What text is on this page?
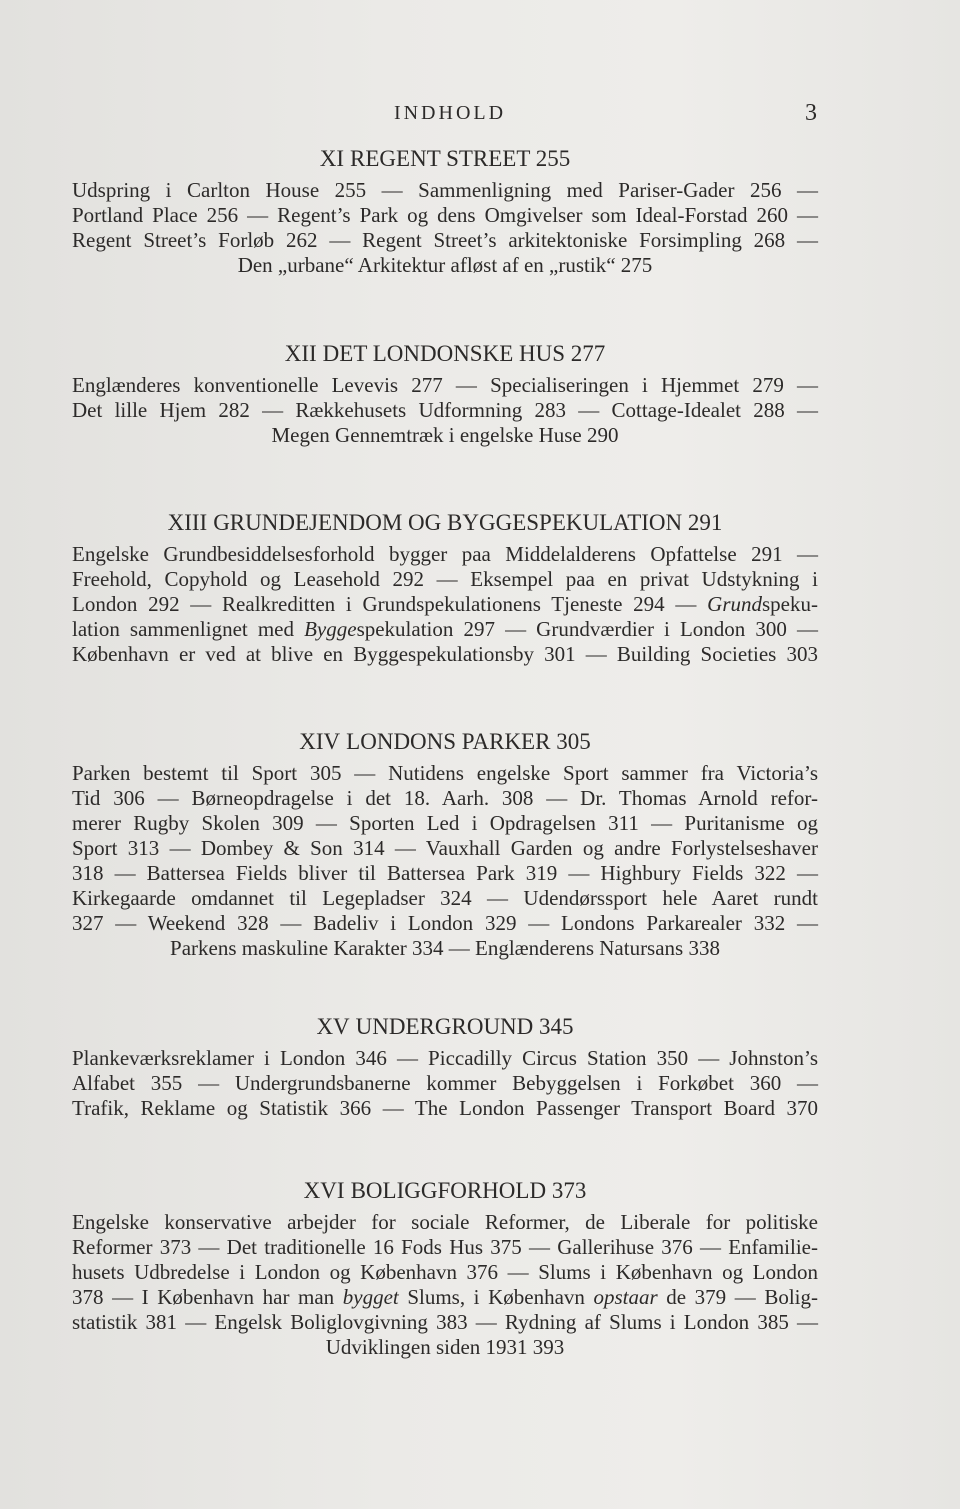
INDHOLD	3
XI REGENT STREET 255
Udspring i Carlton House 255 — Sammenligning med Pariser-Gader 256 —
Portland Place 256 — Regent’s Park og dens Omgivelser som Ideal-Forstad 260 —
Regent Street’s Forløb 262 — Regent Street’s arkitektoniske Forsimpling 268 —
Den „urbane“ Arkitektur afløst af en „rustik“ 275
XII DET LONDONSKE HUS 277
Englænderes konventionelle Levevis 277 — Specialiseringen i Hjemmet 279 —
Det lille Hjem 282 — Rækkehusets Udformning 283 — Cottage-Idealet 288 —
Megen Gennemtræk i engelske Huse 290
XIII GRUNDEJENDOM OG BYGGESPEKULATION 291
Engelske Grundbesiddelsesforhold bygger paa Middelalderens Opfattelse 291 —
Freehold, Copyhold og Leasehold 292 — Eksempel paa en privat Udstykning i
London 292 — Realkreditten i Grundspekulationens Tjeneste 294 — Grundspeku-
lation sammenlignet med Byggespekulation 297 — Grundværdier i London 300 —
København er ved at blive en Byggespekulationsby 301 — Building Societies 303
XIV LONDONS PARKER 305
Parken bestemt til Sport 305 — Nutidens engelske Sport sammer fra Victoria’s
Tid 306 — Børneopdragelse i det 18. Aarh. 308 — Dr. Thomas Arnold refor-
merer Rugby Skolen 309 — Sporten Led i Opdragelsen 311 — Puritanisme og
Sport 313 — Dombey & Son 314 — Vauxhall Garden og andre Forlystelseshaver
318 — Battersea Fields bliver til Battersea Park 319 — Highbury Fields 322 —
Kirkegaarde omdannet til Legepladser 324 — Udendørssport hele Aaret rundt
327 — Weekend 328 — Badeliv i London 329 — Londons Parkarealer 332 —
Parkens maskuline Karakter 334 — Englænderens Natursans 338
XV UNDERGROUND 345
Plankeværksreklamer i London 346 — Piccadilly Circus Station 350 — Johnston’s
Alfabet 355 — Undergrundsbanerne kommer Bebyggelsen i Forkøbet 360 —
Trafik, Reklame og Statistik 366 — The London Passenger Transport Board 370
XVI BOLIGGFORHOLD 373
Engelske konservative arbejder for sociale Reformer, de Liberale for politiske
Reformer 373 — Det traditionelle 16 Fods Hus 375 — Gallerihuse 376 — Enfamilie-
husets Udbredelse i London og København 376 — Slums i København og London
378 — I København har man bygget Slums, i København opstaar de 379 — Bolig-
statistik 381 — Engelsk Boliglovgivning 383 — Rydning af Slums i London 385 —
Udviklingen siden 1931 393
